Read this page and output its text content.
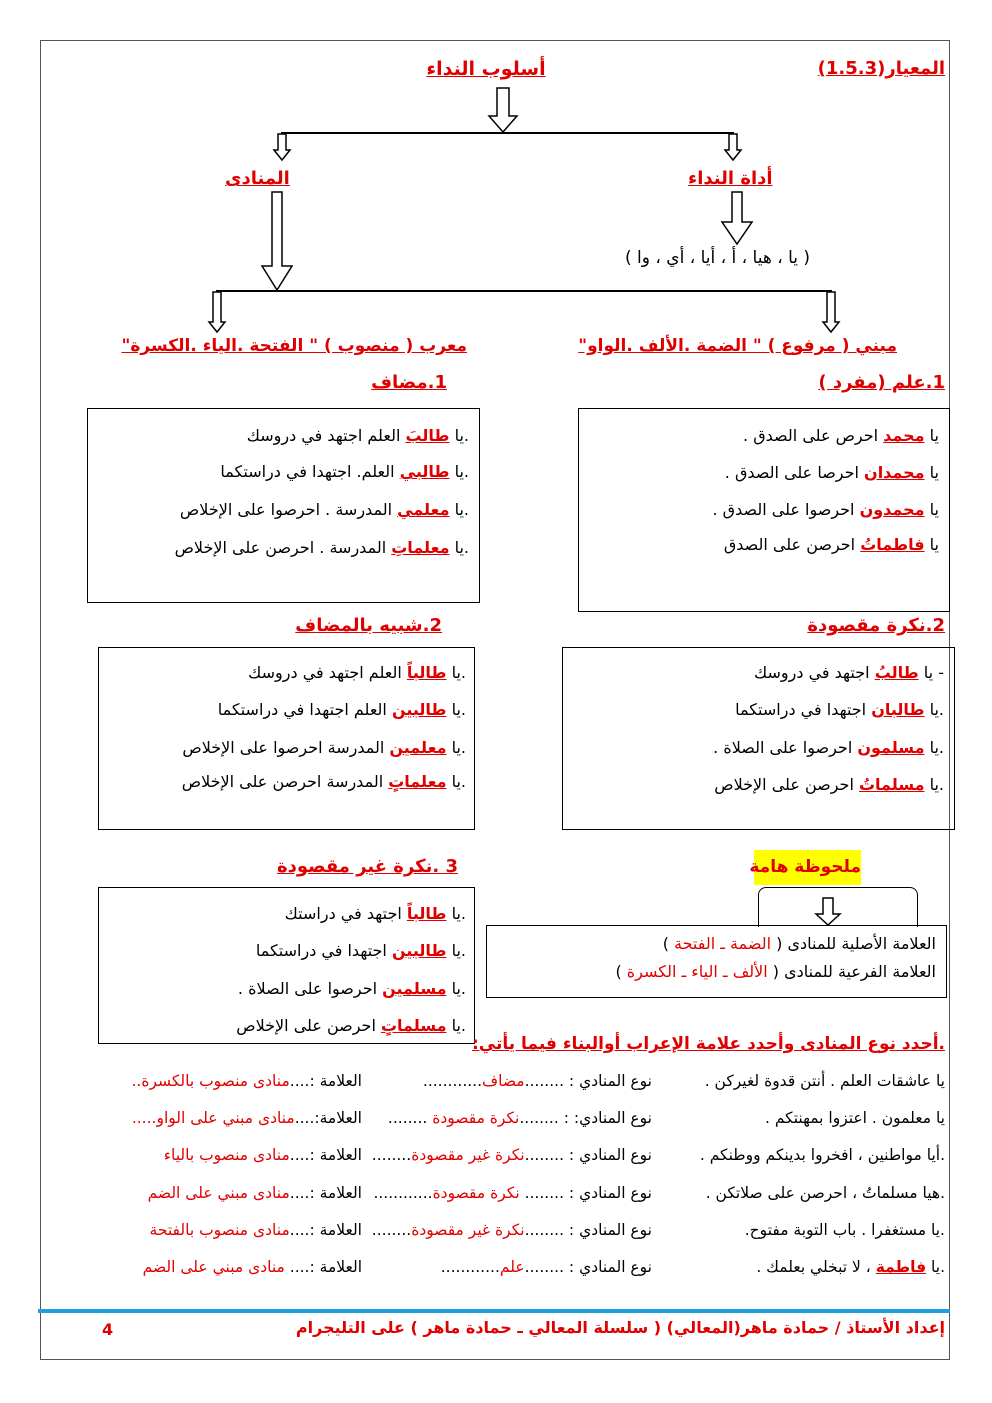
أسلوب النداء	المعيار(1.5.3)
المنادى	أداة النداء
( يا ، هيا ، أ ، أيا ، أي ، وا )
مبني ( مرفوع ) " الضمة .الألف .الواو"
معرب ( منصوب ) " الفتحة .الياء .الكسرة"
1.علم (مفرد )
1.مضاف
2.نكرة مقصودة
2.شبيه بالمضاف
3 .نكرة غير مقصودة
يا محمد احرص على الصدق .
يا محمدان احرصا على الصدق .
يا محمدون احرصوا على الصدق .
يا فاطماتُ احرصن على الصدق
.يا طالبَ العلم اجتهد في دروسك
.يا طالبي العلم. اجتهدا في دراستكما
.يا معلمي المدرسة . احرصوا على الإخلاص
.يا معلماتِ المدرسة . احرصن على الإخلاص
- يا طالبُ اجتهد في دروسك
.يا طالبان اجتهدا في دراستكما
.يا مسلمون احرصوا على الصلاة .
.يا مسلماتُ احرصن على الإخلاص
.يا طالباً العلم اجتهد في دروسك
.يا طالبين العلم اجتهدا في دراستكما
.يا معلمين المدرسة احرصوا على الإخلاص
.يا معلماتٍ المدرسة احرصن على الإخلاص
.يا طالباً اجتهد في دراستك
.يا طالبين اجتهدا في دراستكما
.يا مسلمين احرصوا على الصلاة .
.يا مسلماتٍ احرصن على الإخلاص
ملحوظة هامة
العلامة الأصلية للمنادى ( الضمة ـ الفتحة )
العلامة الفرعية للمنادى ( الألف ـ الياء ـ الكسرة )
.أحدد نوع المنادى وأحدد علامة الإعراب أوالبناء فيما يأتي:
يا عاشقات العلم . أنتن قدوة لغيركن .
نوع المنادي : ........مضاف............
العلامة :....منادى منصوب بالكسرة..
يا معلمون . اعتزوا بمهنتكم .
نوع المنادي: : ........نكرة مقصودة ........
العلامة:....منادى مبني على الواو.....
.أيا مواطنين ، افخروا بدينكم ووطنكم .
نوع المنادي : ........نكرة غير مقصودة........
العلامة :....منادى منصوب بالياء
.هيا مسلماتُ ، احرصن على صلاتكن .
نوع المنادي : ........ نكرة مقصودة............
العلامة :....منادى مبني على الضم
.يا مستغفرا . باب التوبة مفتوح.
نوع المنادي : ........نكرة غير مقصودة........
العلامة :....منادى منصوب بالفتحة
.يا فاطمة ، لا تبخلي بعلمك .
نوع المنادي : ........علم............
العلامة :.... منادى مبني على الضم
إعداد الأستاذ / حمادة ماهر(المعالي) ( سلسلة المعالي ـ حمادة ماهر ) على التليجرام
4
